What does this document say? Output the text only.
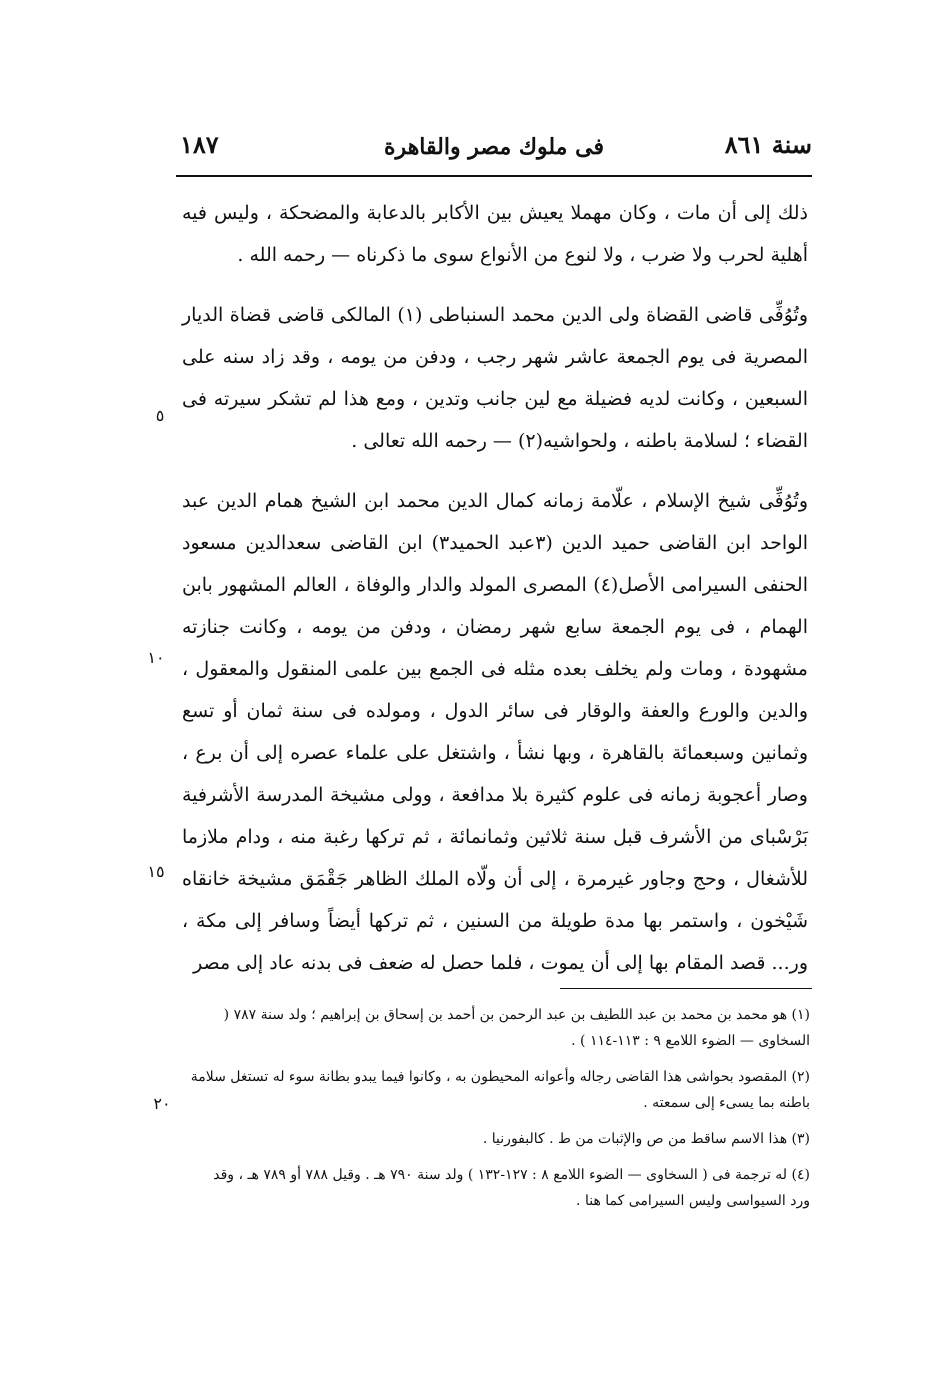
سنة ٨٦١
فى ملوك مصر والقاهرة
١٨٧

ذلك إلى أن مات ، وكان مهملا يعيش بين الأكابر بالدعابة والمضحكة ، وليس فيه أهلية لحرب ولا ضرب ، ولا لنوع من الأنواع سوى ما ذكرناه — رحمه الله .

وتُوُفِّى قاضى القضاة ولى الدين محمد السنباطى (١) المالكى قاضى قضاة الديار المصرية فى يوم الجمعة عاشر شهر رجب ، ودفن من يومه ، وقد زاد سنه على السبعين ، وكانت لديه فضيلة مع لين جانب وتدين ، ومع هذا لم تشكر سيرته فى القضاء ؛ لسلامة باطنه ، ولحواشيه(٢) — رحمه الله تعالى .

وتُوُفِّى شيخ الإسلام ، علّامة زمانه كمال الدين محمد ابن الشيخ همام الدين عبد الواحد ابن القاضى حميد الدين (٣عبد الحميد٣) ابن القاضى سعدالدين مسعود الحنفى السيرامى الأصل(٤) المصرى المولد والدار والوفاة ، العالم المشهور بابن الهمام ، فى يوم الجمعة سابع شهر رمضان ، ودفن من يومه ، وكانت جنازته مشهودة ، ومات ولم يخلف بعده مثله فى الجمع بين علمى المنقول والمعقول ، والدين والورع والعفة والوقار فى سائر الدول ، ومولده فى سنة ثمان أو تسع وثمانين وسبعمائة بالقاهرة ، وبها نشأ ، واشتغل على علماء عصره إلى أن برع ، وصار أعجوبة زمانه فى علوم كثيرة بلا مدافعة ، وولى مشيخة المدرسة الأشرفية بَرْسْباى من الأشرف قبل سنة ثلاثين وثمانمائة ، ثم تركها رغبة منه ، ودام ملازما للأشغال ، وحج وجاور غيرمرة ، إلى أن ولّاه الملك الظاهر جَقْمَق مشيخة خانقاه شَيْخون ، واستمر بها مدة طويلة من السنين ، ثم تركها أيضاً وسافر إلى مكة ، ور... قصد المقام بها إلى أن يموت ، فلما حصل له ضعف فى بدنه عاد إلى مصر

٥
١٠
١٥
٢٠

(١) هو محمد بن محمد بن عبد اللطيف بن عبد الرحمن بن أحمد بن إسحاق بن إبراهيم ؛ ولد سنة ٧٨٧ ( السخاوى — الضوء اللامع ٩ : ١١٣-١١٤ ) .

(٢) المقصود بحواشى هذا القاضى رجاله وأعوانه المحيطون به ، وكانوا فيما يبدو بطانة سوء له تستغل سلامة باطنه بما يسىء إلى سمعته .

(٣) هذا الاسم ساقط من ص والإثبات من ط . كالبفورنيا .

(٤) له ترجمة فى ( السخاوى — الضوء اللامع ٨ : ١٢٧-١٣٢ ) ولد سنة ٧٩٠ هـ . وقيل ٧٨٨ أو ٧٨٩ هـ ، وقد ورد السيواسى وليس السيرامى كما هنا .
